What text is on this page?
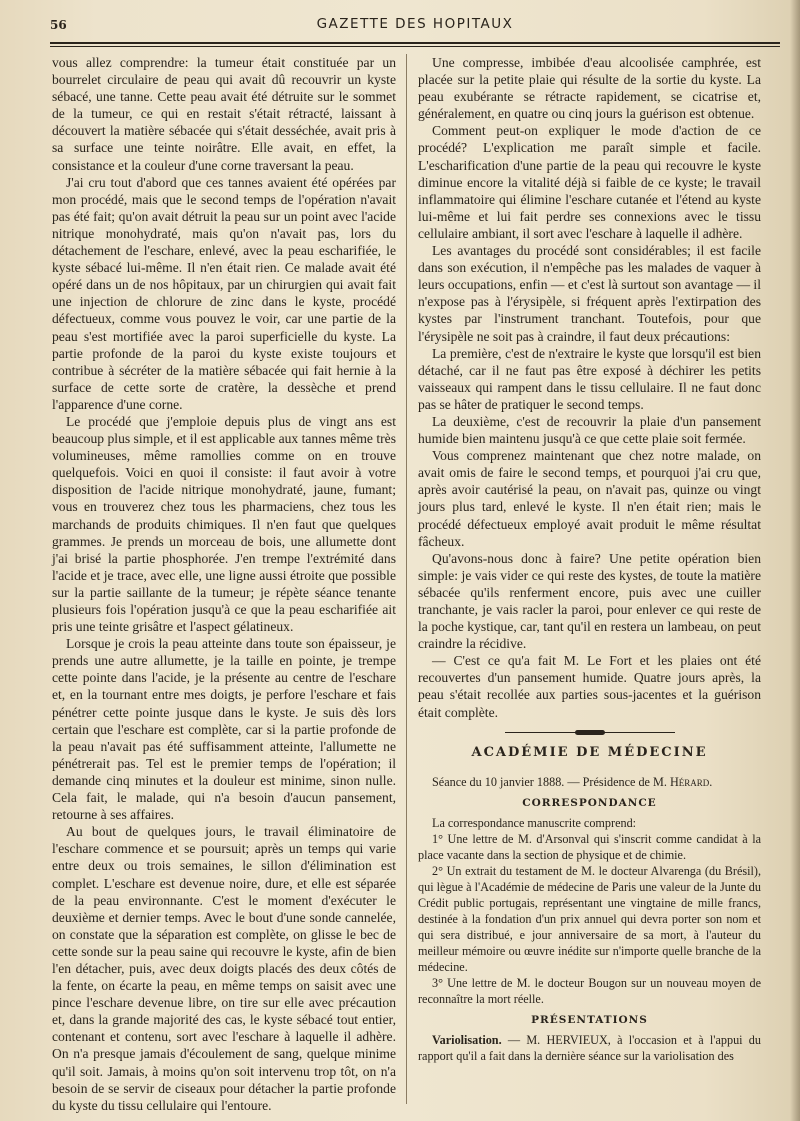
56	GAZETTE DES HOPITAUX

vous allez comprendre: la tumeur était constituée par un bourrelet circulaire de peau qui avait dû recouvrir un kyste sébacé, une tanne. Cette peau avait été détruite sur le sommet de la tumeur, ce qui en restait s'était rétracté, laissant à découvert la matière sébacée qui s'était desséchée, avait pris à sa surface une teinte noirâtre. Elle avait, en effet, la consistance et la couleur d'une corne traversant la peau.

J'ai cru tout d'abord que ces tannes avaient été opérées par mon procédé, mais que le second temps de l'opération n'avait pas été fait; qu'on avait détruit la peau sur un point avec l'acide nitrique monohydraté, mais qu'on n'avait pas, lors du détachement de l'eschare, enlevé, avec la peau escharifiée, le kyste sébacé lui-même. Il n'en était rien. Ce malade avait été opéré dans un de nos hôpitaux, par un chirurgien qui avait fait une injection de chlorure de zinc dans le kyste, procédé défectueux, comme vous pouvez le voir, car une partie de la peau s'est mortifiée avec la paroi superficielle du kyste. La partie profonde de la paroi du kyste existe toujours et contribue à sécréter de la matière sébacée qui fait hernie à la surface de cette sorte de cratère, la dessèche et prend l'apparence d'une corne.

Le procédé que j'emploie depuis plus de vingt ans est beaucoup plus simple, et il est applicable aux tannes même très volumineuses, même ramollies comme on en trouve quelquefois. Voici en quoi il consiste: il faut avoir à votre disposition de l'acide nitrique monohydraté, jaune, fumant; vous en trouverez chez tous les pharmaciens, chez tous les marchands de produits chimiques. Il n'en faut que quelques grammes. Je prends un morceau de bois, une allumette dont j'ai brisé la partie phosphorée. J'en trempe l'extrémité dans l'acide et je trace, avec elle, une ligne aussi étroite que possible sur la partie saillante de la tumeur; je répète séance tenante plusieurs fois l'opération jusqu'à ce que la peau escharifiée ait pris une teinte grisâtre et l'aspect gélatineux.

Lorsque je crois la peau atteinte dans toute son épaisseur, je prends une autre allumette, je la taille en pointe, je trempe cette pointe dans l'acide, je la présente au centre de l'eschare et, en la tournant entre mes doigts, je perfore l'eschare et fais pénétrer cette pointe jusque dans le kyste. Je suis dès lors certain que l'eschare est complète, car si la partie profonde de la peau n'avait pas été suffisamment atteinte, l'allumette ne pénétrerait pas. Tel est le premier temps de l'opération; il demande cinq minutes et la douleur est minime, sinon nulle. Cela fait, le malade, qui n'a besoin d'aucun pansement, retourne à ses affaires.

Au bout de quelques jours, le travail éliminatoire de l'eschare commence et se poursuit; après un temps qui varie entre deux ou trois semaines, le sillon d'élimination est complet. L'eschare est devenue noire, dure, et elle est séparée de la peau environnante. C'est le moment d'exécuter le deuxième et dernier temps. Avec le bout d'une sonde cannelée, on constate que la séparation est complète, on glisse le bec de cette sonde sur la peau saine qui recouvre le kyste, afin de bien l'en détacher, puis, avec deux doigts placés des deux côtés de la fente, on écarte la peau, en même temps on saisit avec une pince l'eschare devenue libre, on tire sur elle avec précaution et, dans la grande majorité des cas, le kyste sébacé tout entier, contenant et contenu, sort avec l'eschare à laquelle il adhère. On n'a presque jamais d'écoulement de sang, quelque minime qu'il soit. Jamais, à moins qu'on soit intervenu trop tôt, on n'a besoin de se servir de ciseaux pour détacher la partie profonde du kyste du tissu cellulaire qui l'entoure.

Une compresse, imbibée d'eau alcoolisée camphrée, est placée sur la petite plaie qui résulte de la sortie du kyste. La peau exubérante se rétracte rapidement, se cicatrise et, généralement, en quatre ou cinq jours la guérison est obtenue.

Comment peut-on expliquer le mode d'action de ce procédé? L'explication me paraît simple et facile. L'escharification d'une partie de la peau qui recouvre le kyste diminue encore la vitalité déjà si faible de ce kyste; le travail inflammatoire qui élimine l'eschare cutanée et l'étend au kyste lui-même et lui fait perdre ses connexions avec le tissu cellulaire ambiant, il sort avec l'eschare à laquelle il adhère.

Les avantages du procédé sont considérables; il est facile dans son exécution, il n'empêche pas les malades de vaquer à leurs occupations, enfin — et c'est là surtout son avantage — il n'expose pas à l'érysipèle, si fréquent après l'extirpation des kystes par l'instrument tranchant. Toutefois, pour que l'érysipèle ne soit pas à craindre, il faut deux précautions:

La première, c'est de n'extraire le kyste que lorsqu'il est bien détaché, car il ne faut pas être exposé à déchirer les petits vaisseaux qui rampent dans le tissu cellulaire. Il ne faut donc pas se hâter de pratiquer le second temps.

La deuxième, c'est de recouvrir la plaie d'un pansement humide bien maintenu jusqu'à ce que cette plaie soit fermée.

Vous comprenez maintenant que chez notre malade, on avait omis de faire le second temps, et pourquoi j'ai cru que, après avoir cautérisé la peau, on n'avait pas, quinze ou vingt jours plus tard, enlevé le kyste. Il n'en était rien; mais le procédé défectueux employé avait produit le même résultat fâcheux.

Qu'avons-nous donc à faire? Une petite opération bien simple: je vais vider ce qui reste des kystes, de toute la matière sébacée qu'ils renferment encore, puis avec une cuiller tranchante, je vais racler la paroi, pour enlever ce qui reste de la poche kystique, car, tant qu'il en restera un lambeau, on peut craindre la récidive.

— C'est ce qu'a fait M. Le Fort et les plaies ont été recouvertes d'un pansement humide. Quatre jours après, la peau s'était recollée aux parties sous-jacentes et la guérison était complète.

ACADÉMIE DE MÉDECINE

Séance du 10 janvier 1888. — Présidence de M. Hérard.

CORRESPONDANCE

La correspondance manuscrite comprend:

1° Une lettre de M. d'Arsonval qui s'inscrit comme candidat à la place vacante dans la section de physique et de chimie.

2° Un extrait du testament de M. le docteur Alvarenga (du Brésil), qui lègue à l'Académie de médecine de Paris une valeur de la Junte du Crédit public portugais, représentant une vingtaine de mille francs, destinée à la fondation d'un prix annuel qui devra porter son nom et qui sera distribué, e jour anniversaire de sa mort, à l'auteur du meilleur mémoire ou œuvre inédite sur n'importe quelle branche de la médecine.

3° Une lettre de M. le docteur Bougon sur un nouveau moyen de reconnaître la mort réelle.

PRÉSENTATIONS

Variolisation. — M. HERVIEUX, à l'occasion et à l'appui du rapport qu'il a fait dans la dernière séance sur la variolisation des
